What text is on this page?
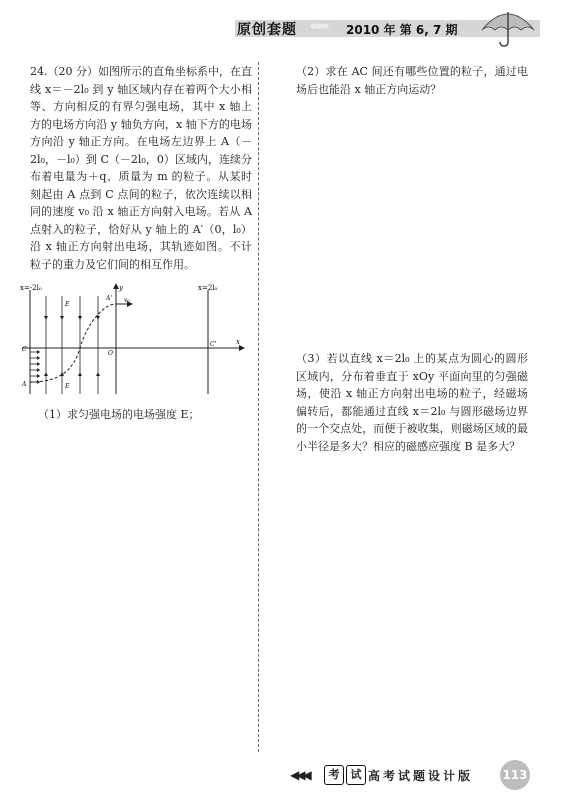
原创套题 ««« 2010 年 第 6, 7 期

24.（20 分）如图所示的直角坐标系中，在直线 x＝－2l₀ 到 y 轴区域内存在着两个大小相等、方向相反的有界匀强电场，其中 x 轴上方的电场方向沿 y 轴负方向，x 轴下方的电场方向沿 y 轴正方向。在电场左边界上 A（－2l₀，－l₀）到 C（－2l₀，0）区域内，连续分布着电量为＋q、质量为 m 的粒子。从某时刻起由 A 点到 C 点间的粒子，依次连续以相同的速度 v₀ 沿 x 轴正方向射入电场。若从 A 点射入的粒子，恰好从 y 轴上的 A′（0，l₀）沿 x 轴正方向射出电场，其轨迹如图。不计粒子的重力及它们间的相互作用。

x=-2l₀	x=2l₀
y
x
E
E
A' v₀
C
O
C'
A
（1）求匀强电场的电场强度 E；
（2）求在 AC 间还有哪些位置的粒子，通过电场后也能沿 x 轴正方向运动？
（3）若以直线 x＝2l₀ 上的某点为圆心的圆形区域内，分布着垂直于 xOy 平面向里的匀强磁场，使沿 x 轴正方向射出电场的粒子，经磁场偏转后，都能通过直线 x＝2l₀ 与圆形磁场边界的一个交点处，而便于被收集，则磁场区域的最小半径是多大？相应的磁感应强度 B 是多大？
◀◀◀	考	试 高考试题设计版 113
